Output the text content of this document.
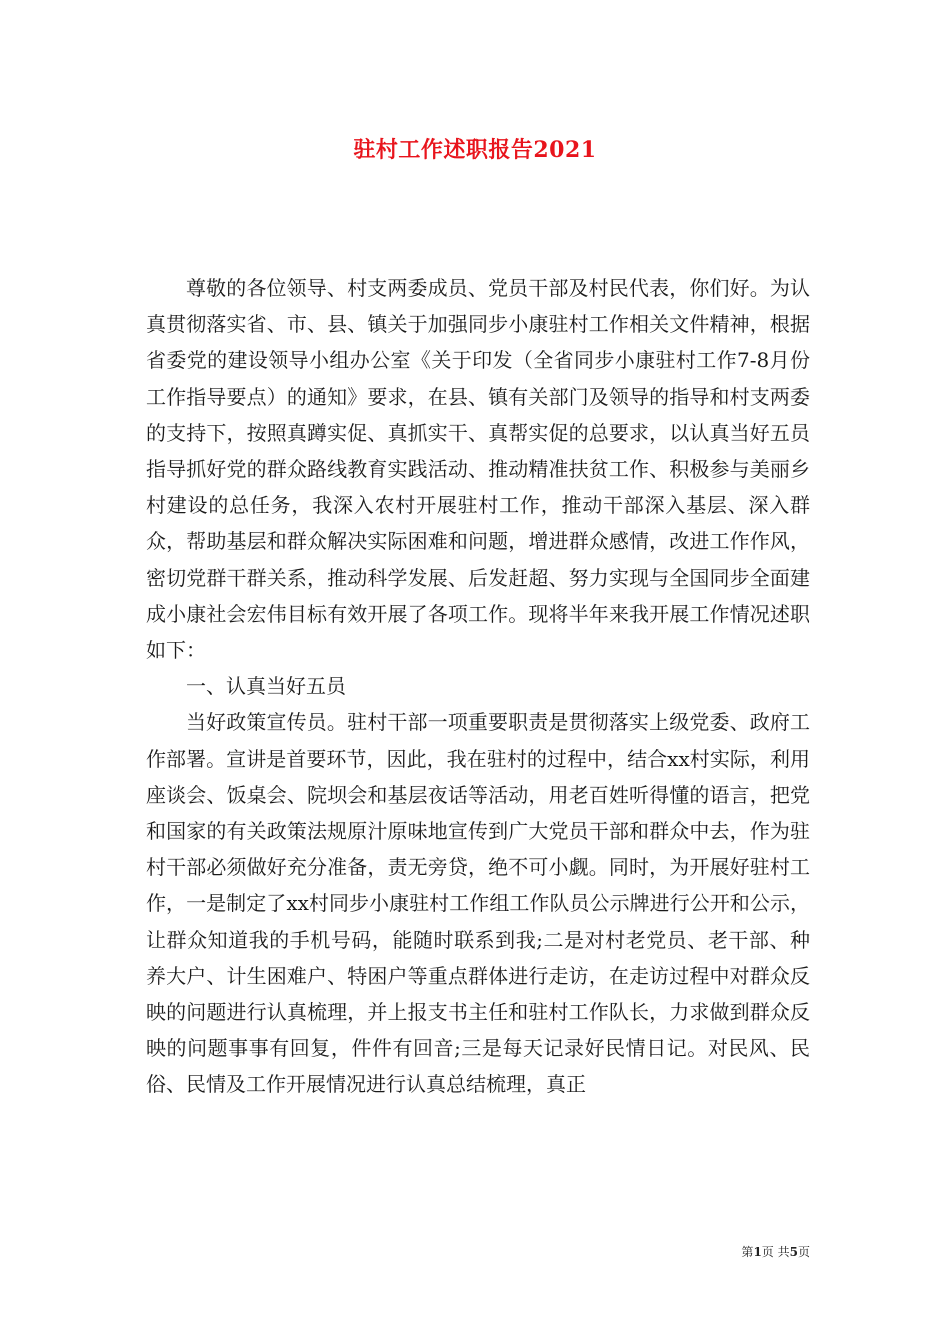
驻村工作述职报告2021

尊敬的各位领导、村支两委成员、党员干部及村民代表，你们好。为认真贯彻落实省、市、县、镇关于加强同步小康驻村工作相关文件精神，根据省委党的建设领导小组办公室《关于印发（全省同步小康驻村工作7-8月份工作指导要点）的通知》要求，在县、镇有关部门及领导的指导和村支两委的支持下，按照真蹲实促、真抓实干、真帮实促的总要求，以认真当好五员指导抓好党的群众路线教育实践活动、推动精准扶贫工作、积极参与美丽乡村建设的总任务，我深入农村开展驻村工作，推动干部深入基层、深入群众，帮助基层和群众解决实际困难和问题，增进群众感情，改进工作作风，密切党群干群关系，推动科学发展、后发赶超、努力实现与全国同步全面建成小康社会宏伟目标有效开展了各项工作。现将半年来我开展工作情况述职如下：

一、认真当好五员

当好政策宣传员。驻村干部一项重要职责是贯彻落实上级党委、政府工作部署。宣讲是首要环节，因此，我在驻村的过程中，结合xx村实际，利用座谈会、饭桌会、院坝会和基层夜话等活动，用老百姓听得懂的语言，把党和国家的有关政策法规原汁原味地宣传到广大党员干部和群众中去，作为驻村干部必须做好充分准备，责无旁贷，绝不可小觑。同时，为开展好驻村工作，一是制定了xx村同步小康驻村工作组工作队员公示牌进行公开和公示，让群众知道我的手机号码，能随时联系到我;二是对村老党员、老干部、种养大户、计生困难户、特困户等重点群体进行走访，在走访过程中对群众反映的问题进行认真梳理，并上报支书主任和驻村工作队长，力求做到群众反映的问题事事有回复，件件有回音;三是每天记录好民情日记。对民风、民俗、民情及工作开展情况进行认真总结梳理，真正

第1页 共5页
